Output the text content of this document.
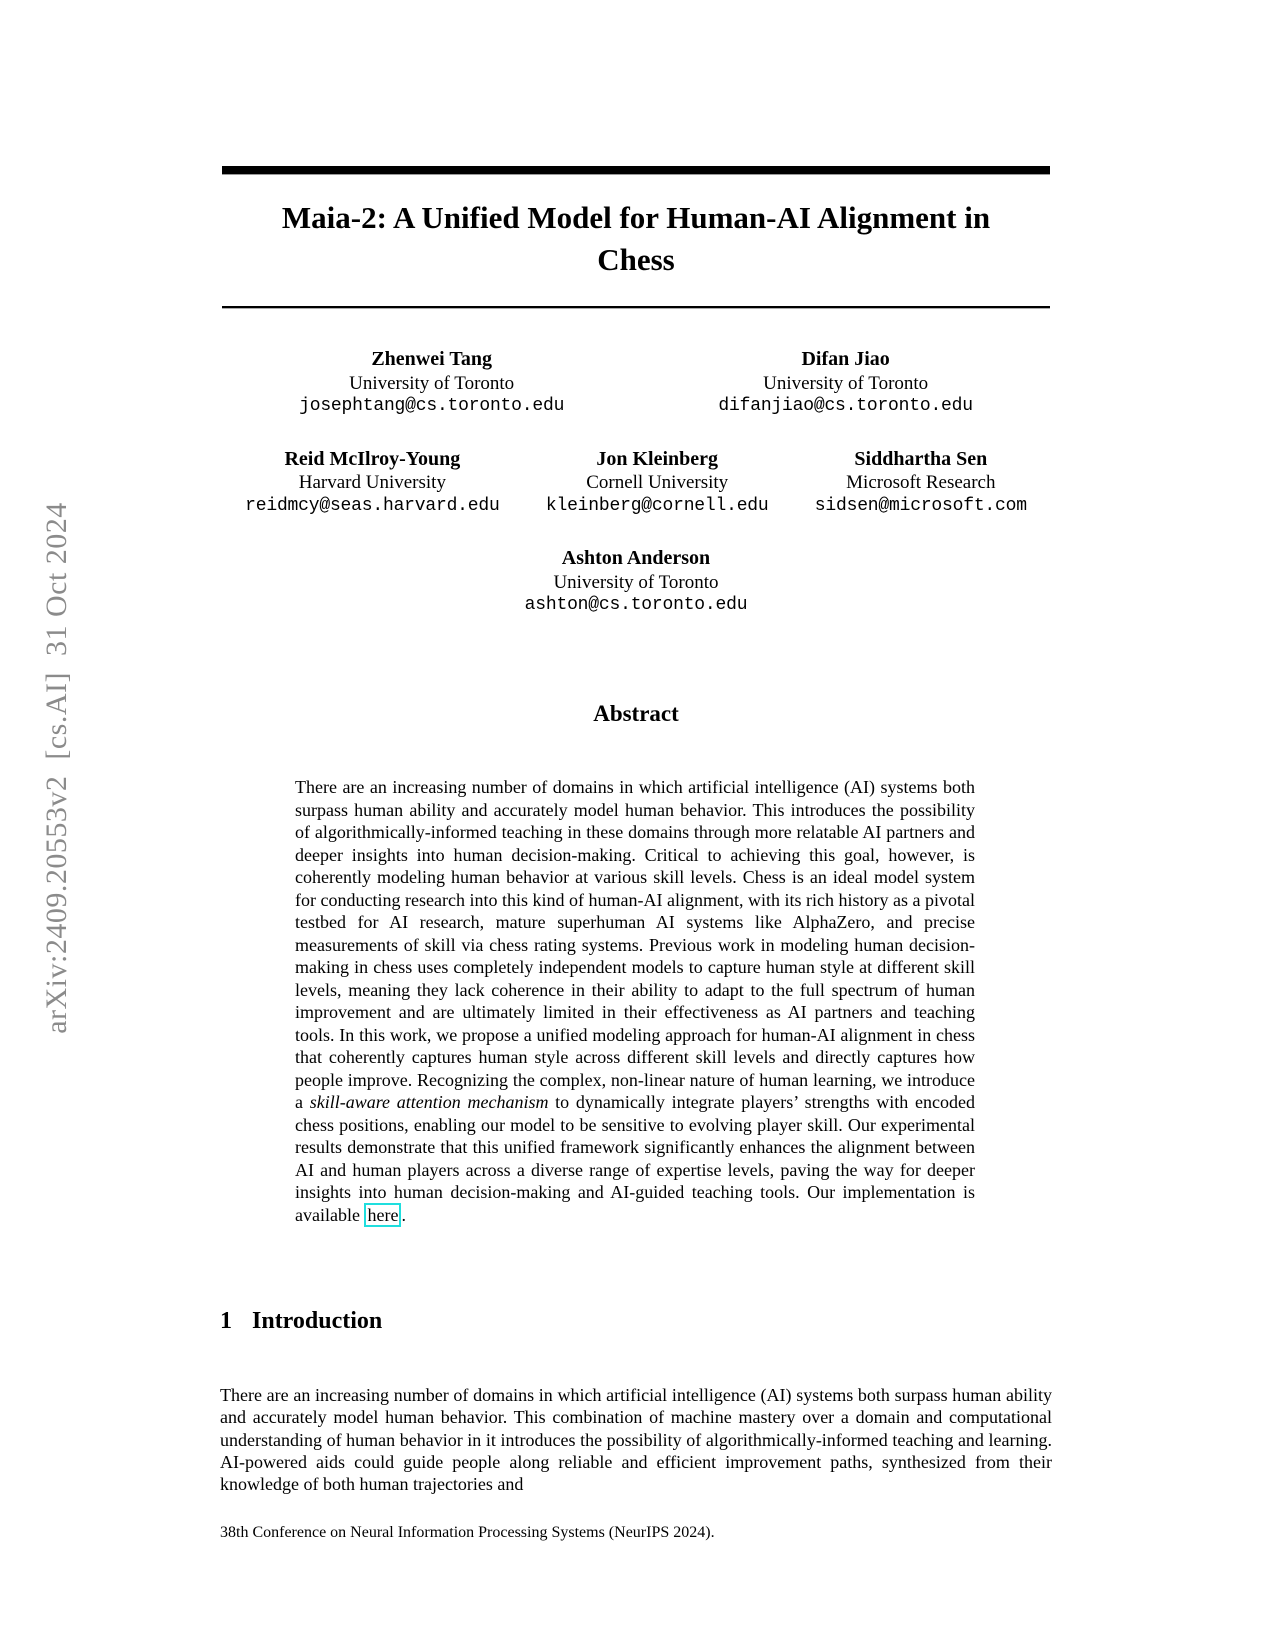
arXiv:2409.20553v2  [cs.AI]  31 Oct 2024
Maia-2: A Unified Model for Human-AI Alignment in
Chess
Zhenwei Tang
University of Toronto
josephtang@cs.toronto.edu
Difan Jiao
University of Toronto
difanjiao@cs.toronto.edu
Reid McIlroy-Young
Harvard University
reidmcy@seas.harvard.edu
Jon Kleinberg
Cornell University
kleinberg@cornell.edu
Siddhartha Sen
Microsoft Research
sidsen@microsoft.com
Ashton Anderson
University of Toronto
ashton@cs.toronto.edu
Abstract

There are an increasing number of domains in which artificial intelligence (AI) systems both surpass human ability and accurately model human behavior. This introduces the possibility of algorithmically-informed teaching in these domains through more relatable AI partners and deeper insights into human decision-making. Critical to achieving this goal, however, is coherently modeling human behavior at various skill levels. Chess is an ideal model system for conducting research into this kind of human-AI alignment, with its rich history as a pivotal testbed for AI research, mature superhuman AI systems like AlphaZero, and precise measurements of skill via chess rating systems. Previous work in modeling human decision-making in chess uses completely independent models to capture human style at different skill levels, meaning they lack coherence in their ability to adapt to the full spectrum of human improvement and are ultimately limited in their effectiveness as AI partners and teaching tools. In this work, we propose a unified modeling approach for human-AI alignment in chess that coherently captures human style across different skill levels and directly captures how people improve. Recognizing the complex, non-linear nature of human learning, we introduce a skill-aware attention mechanism to dynamically integrate players’ strengths with encoded chess positions, enabling our model to be sensitive to evolving player skill. Our experimental results demonstrate that this unified framework significantly enhances the alignment between AI and human players across a diverse range of expertise levels, paving the way for deeper insights into human decision-making and AI-guided teaching tools. Our implementation is available here .

1 Introduction

There are an increasing number of domains in which artificial intelligence (AI) systems both surpass human ability and accurately model human behavior. This combination of machine mastery over a domain and computational understanding of human behavior in it introduces the possibility of algorithmically-informed teaching and learning. AI-powered aids could guide people along reliable and efficient improvement paths, synthesized from their knowledge of both human trajectories and

38th Conference on Neural Information Processing Systems (NeurIPS 2024).
